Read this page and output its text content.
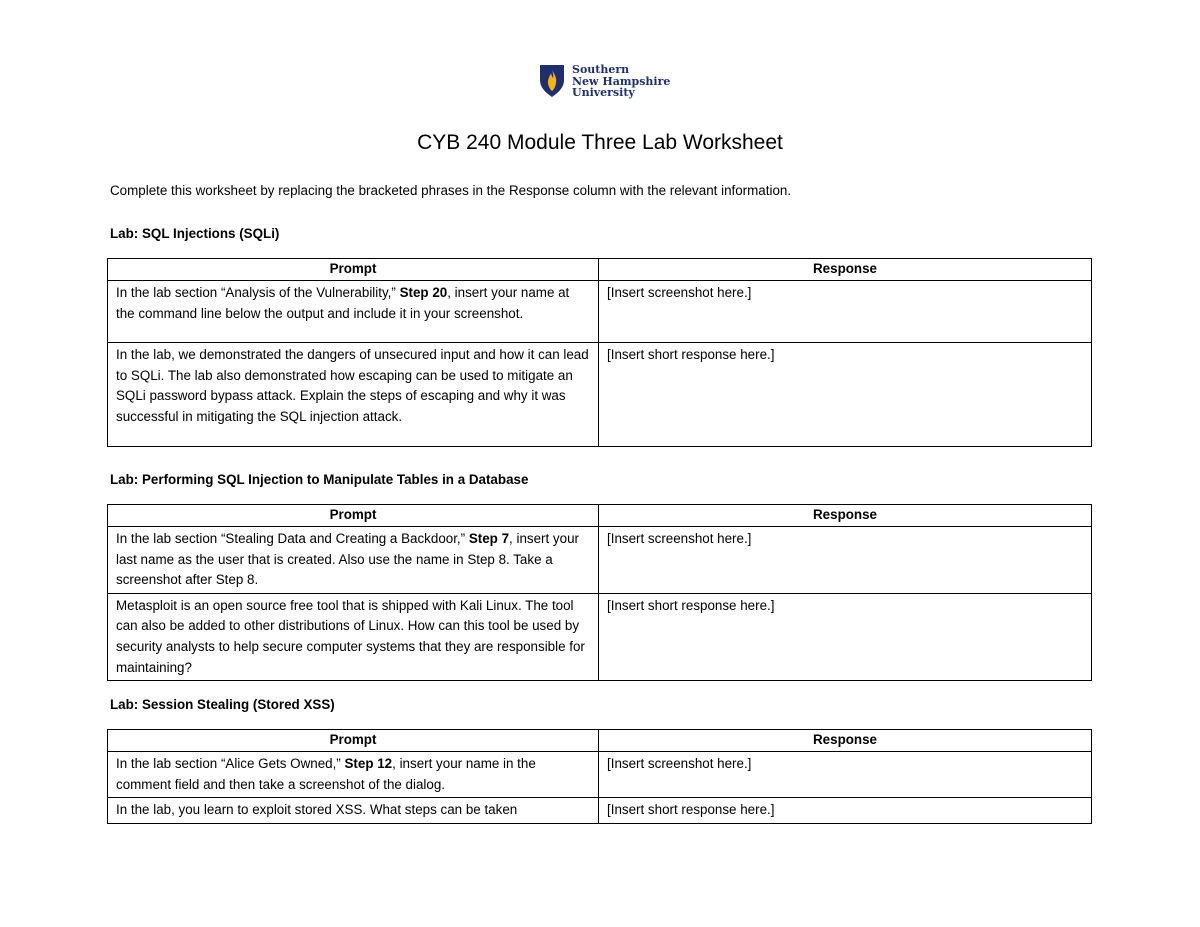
Southern
New Hampshire
University
CYB 240 Module Three Lab Worksheet
Complete this worksheet by replacing the bracketed phrases in the Response column with the relevant information.
Lab: SQL Injections (SQLi)
Prompt	Response
In the lab section “Analysis of the Vulnerability,” Step 20, insert your name at the command line below the output and include it in your screenshot.	[Insert screenshot here.]
In the lab, we demonstrated the dangers of unsecured input and how it can lead to SQLi. The lab also demonstrated how escaping can be used to mitigate an SQLi password bypass attack. Explain the steps of escaping and why it was successful in mitigating the SQL injection attack.	[Insert short response here.]
Lab: Performing SQL Injection to Manipulate Tables in a Database
Prompt	Response
In the lab section “Stealing Data and Creating a Backdoor,” Step 7, insert your last name as the user that is created. Also use the name in Step 8. Take a screenshot after Step 8.	[Insert screenshot here.]
Metasploit is an open source free tool that is shipped with Kali Linux. The tool can also be added to other distributions of Linux. How can this tool be used by security analysts to help secure computer systems that they are responsible for maintaining?	[Insert short response here.]
Lab: Session Stealing (Stored XSS)
Prompt	Response
In the lab section “Alice Gets Owned,” Step 12, insert your name in the comment field and then take a screenshot of the dialog.	[Insert screenshot here.]
In the lab, you learn to exploit stored XSS. What steps can be taken	[Insert short response here.]
